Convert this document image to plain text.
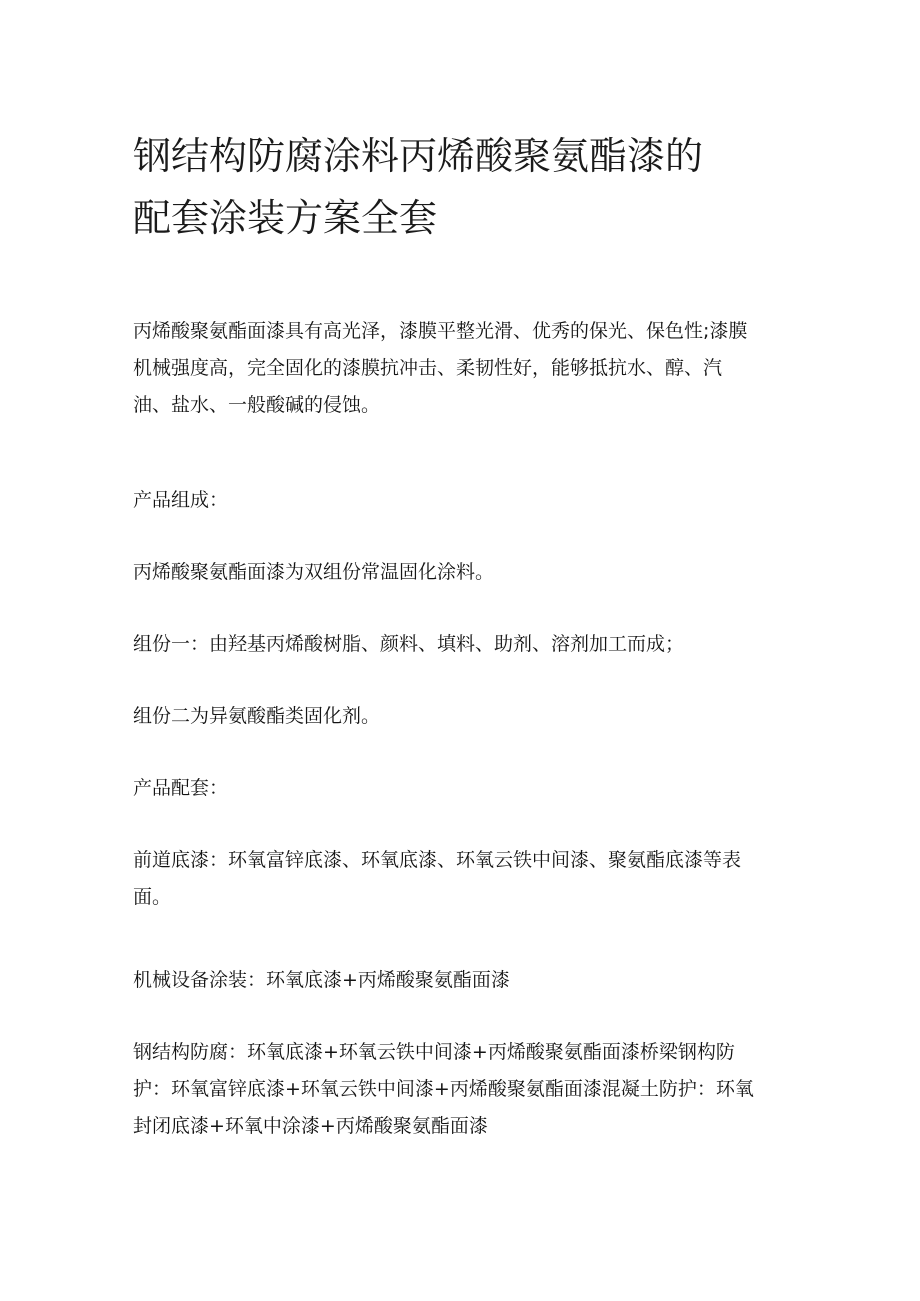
钢结构防腐涂料丙烯酸聚氨酯漆的
配套涂装方案全套

丙烯酸聚氨酯面漆具有高光泽，漆膜平整光滑、优秀的保光、保色性;漆膜
机械强度高，完全固化的漆膜抗冲击、柔韧性好，能够抵抗水、醇、汽
油、盐水、一般酸碱的侵蚀。

产品组成：

丙烯酸聚氨酯面漆为双组份常温固化涂料。

组份一：由羟基丙烯酸树脂、颜料、填料、助剂、溶剂加工而成；

组份二为异氨酸酯类固化剂。

产品配套：

前道底漆：环氧富锌底漆、环氧底漆、环氧云铁中间漆、聚氨酯底漆等表
面。

机械设备涂装：环氧底漆+丙烯酸聚氨酯面漆

钢结构防腐：环氧底漆+环氧云铁中间漆+丙烯酸聚氨酯面漆桥梁钢构防
护：环氧富锌底漆+环氧云铁中间漆+丙烯酸聚氨酯面漆混凝土防护：环氧
封闭底漆+环氧中涂漆+丙烯酸聚氨酯面漆
